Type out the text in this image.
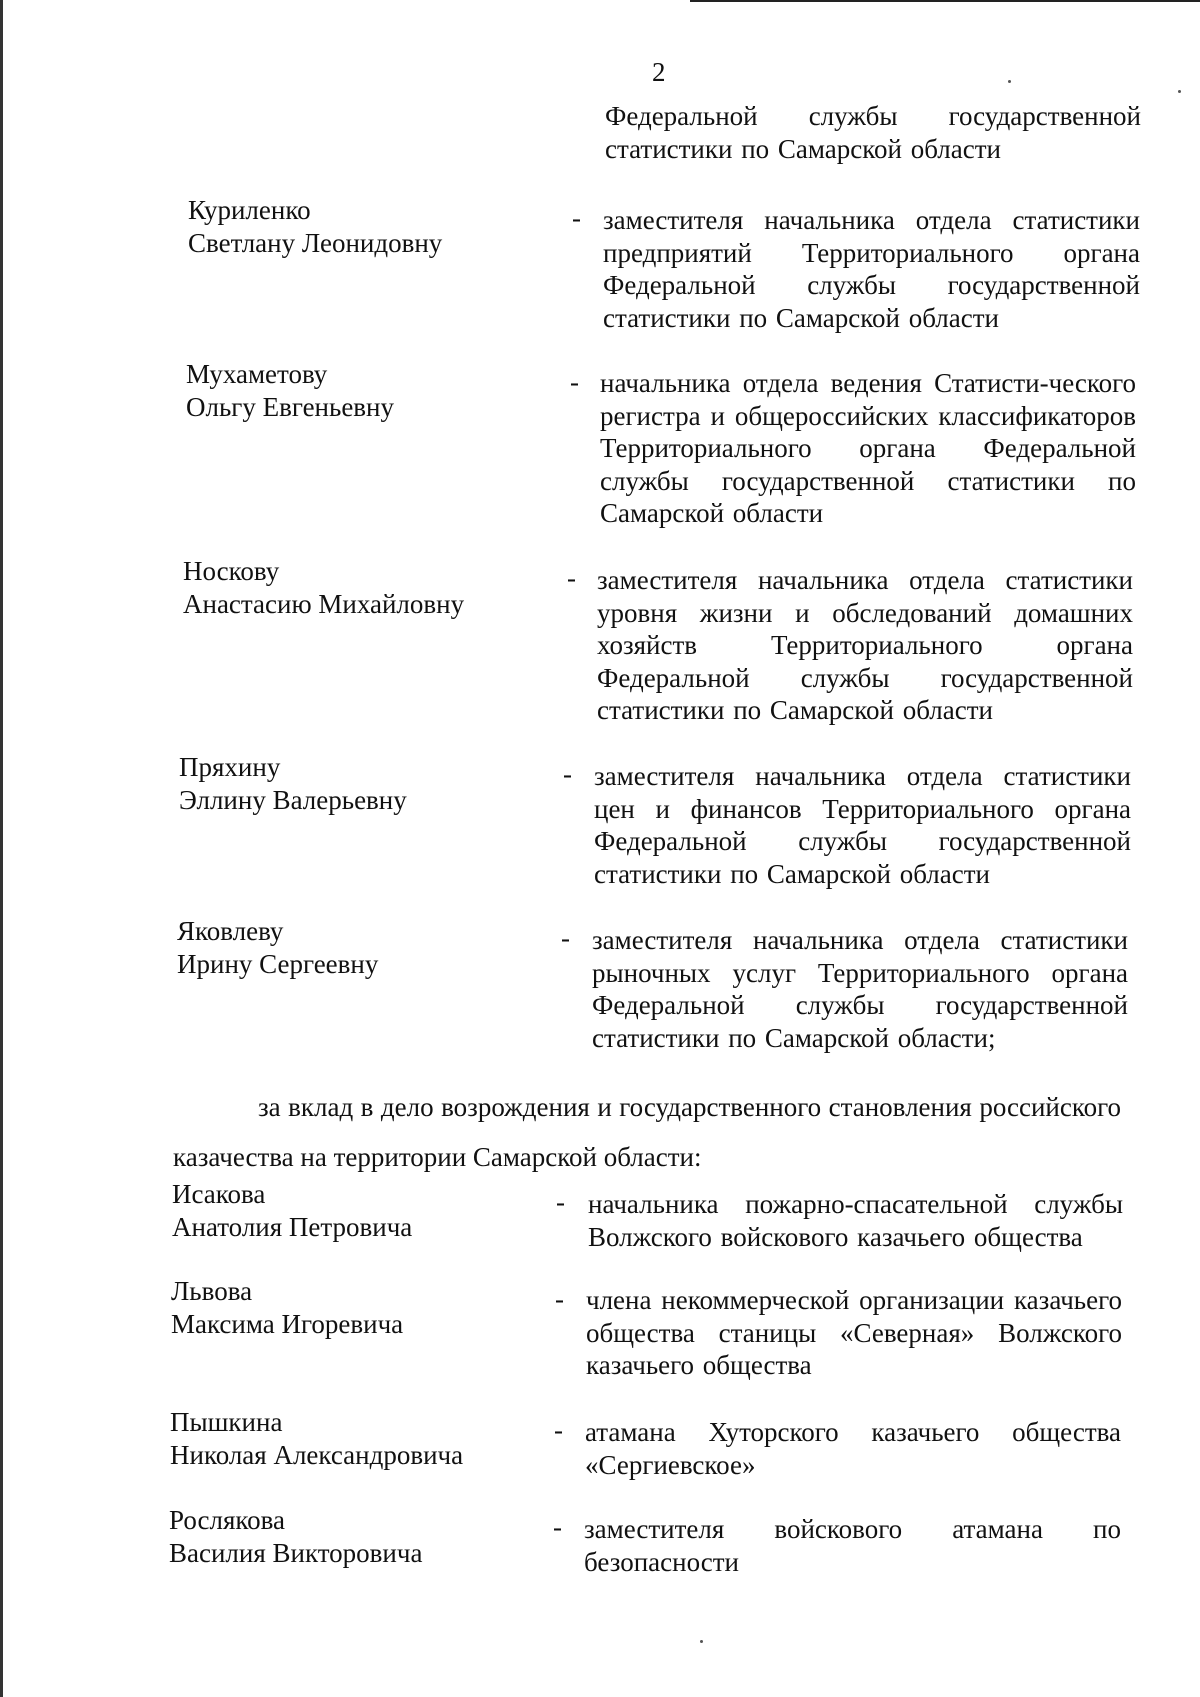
2
Федеральной службы государственной статистики по Самарской области
Куриленко
Светлану Леонидовну
- заместителя начальника отдела статистики предприятий Территориального органа Федеральной службы государственной статистики по Самарской области
Мухаметову
Ольгу Евгеньевну
- начальника отдела ведения Статисти-ческого регистра и общероссийских классификаторов Территориального органа Федеральной службы государственной статистики по Самарской области
Носкову
Анастасию Михайловну
- заместителя начальника отдела статистики уровня жизни и обследований домашних хозяйств Территориального органа Федеральной службы государственной статистики по Самарской области
Пряхину
Эллину Валерьевну
- заместителя начальника отдела статистики цен и финансов Территориального органа Федеральной службы государственной статистики по Самарской области
Яковлеву
Ирину Сергеевну
- заместителя начальника отдела статистики рыночных услуг Территориального органа Федеральной службы государственной статистики по Самарской области;
за вклад в дело возрождения и государственного становления российского казачества на территории Самарской области:
Исакова
Анатолия Петровича
- начальника пожарно-спасательной службы Волжского войскового казачьего общества
Львова
Максима Игоревича
- члена некоммерческой организации казачьего общества станицы «Северная» Волжского казачьего общества
Пышкина
Николая Александровича
- атамана Хуторского казачьего общества «Сергиевское»
Рослякова
Василия Викторовича
- заместителя войскового атамана по безопасности
